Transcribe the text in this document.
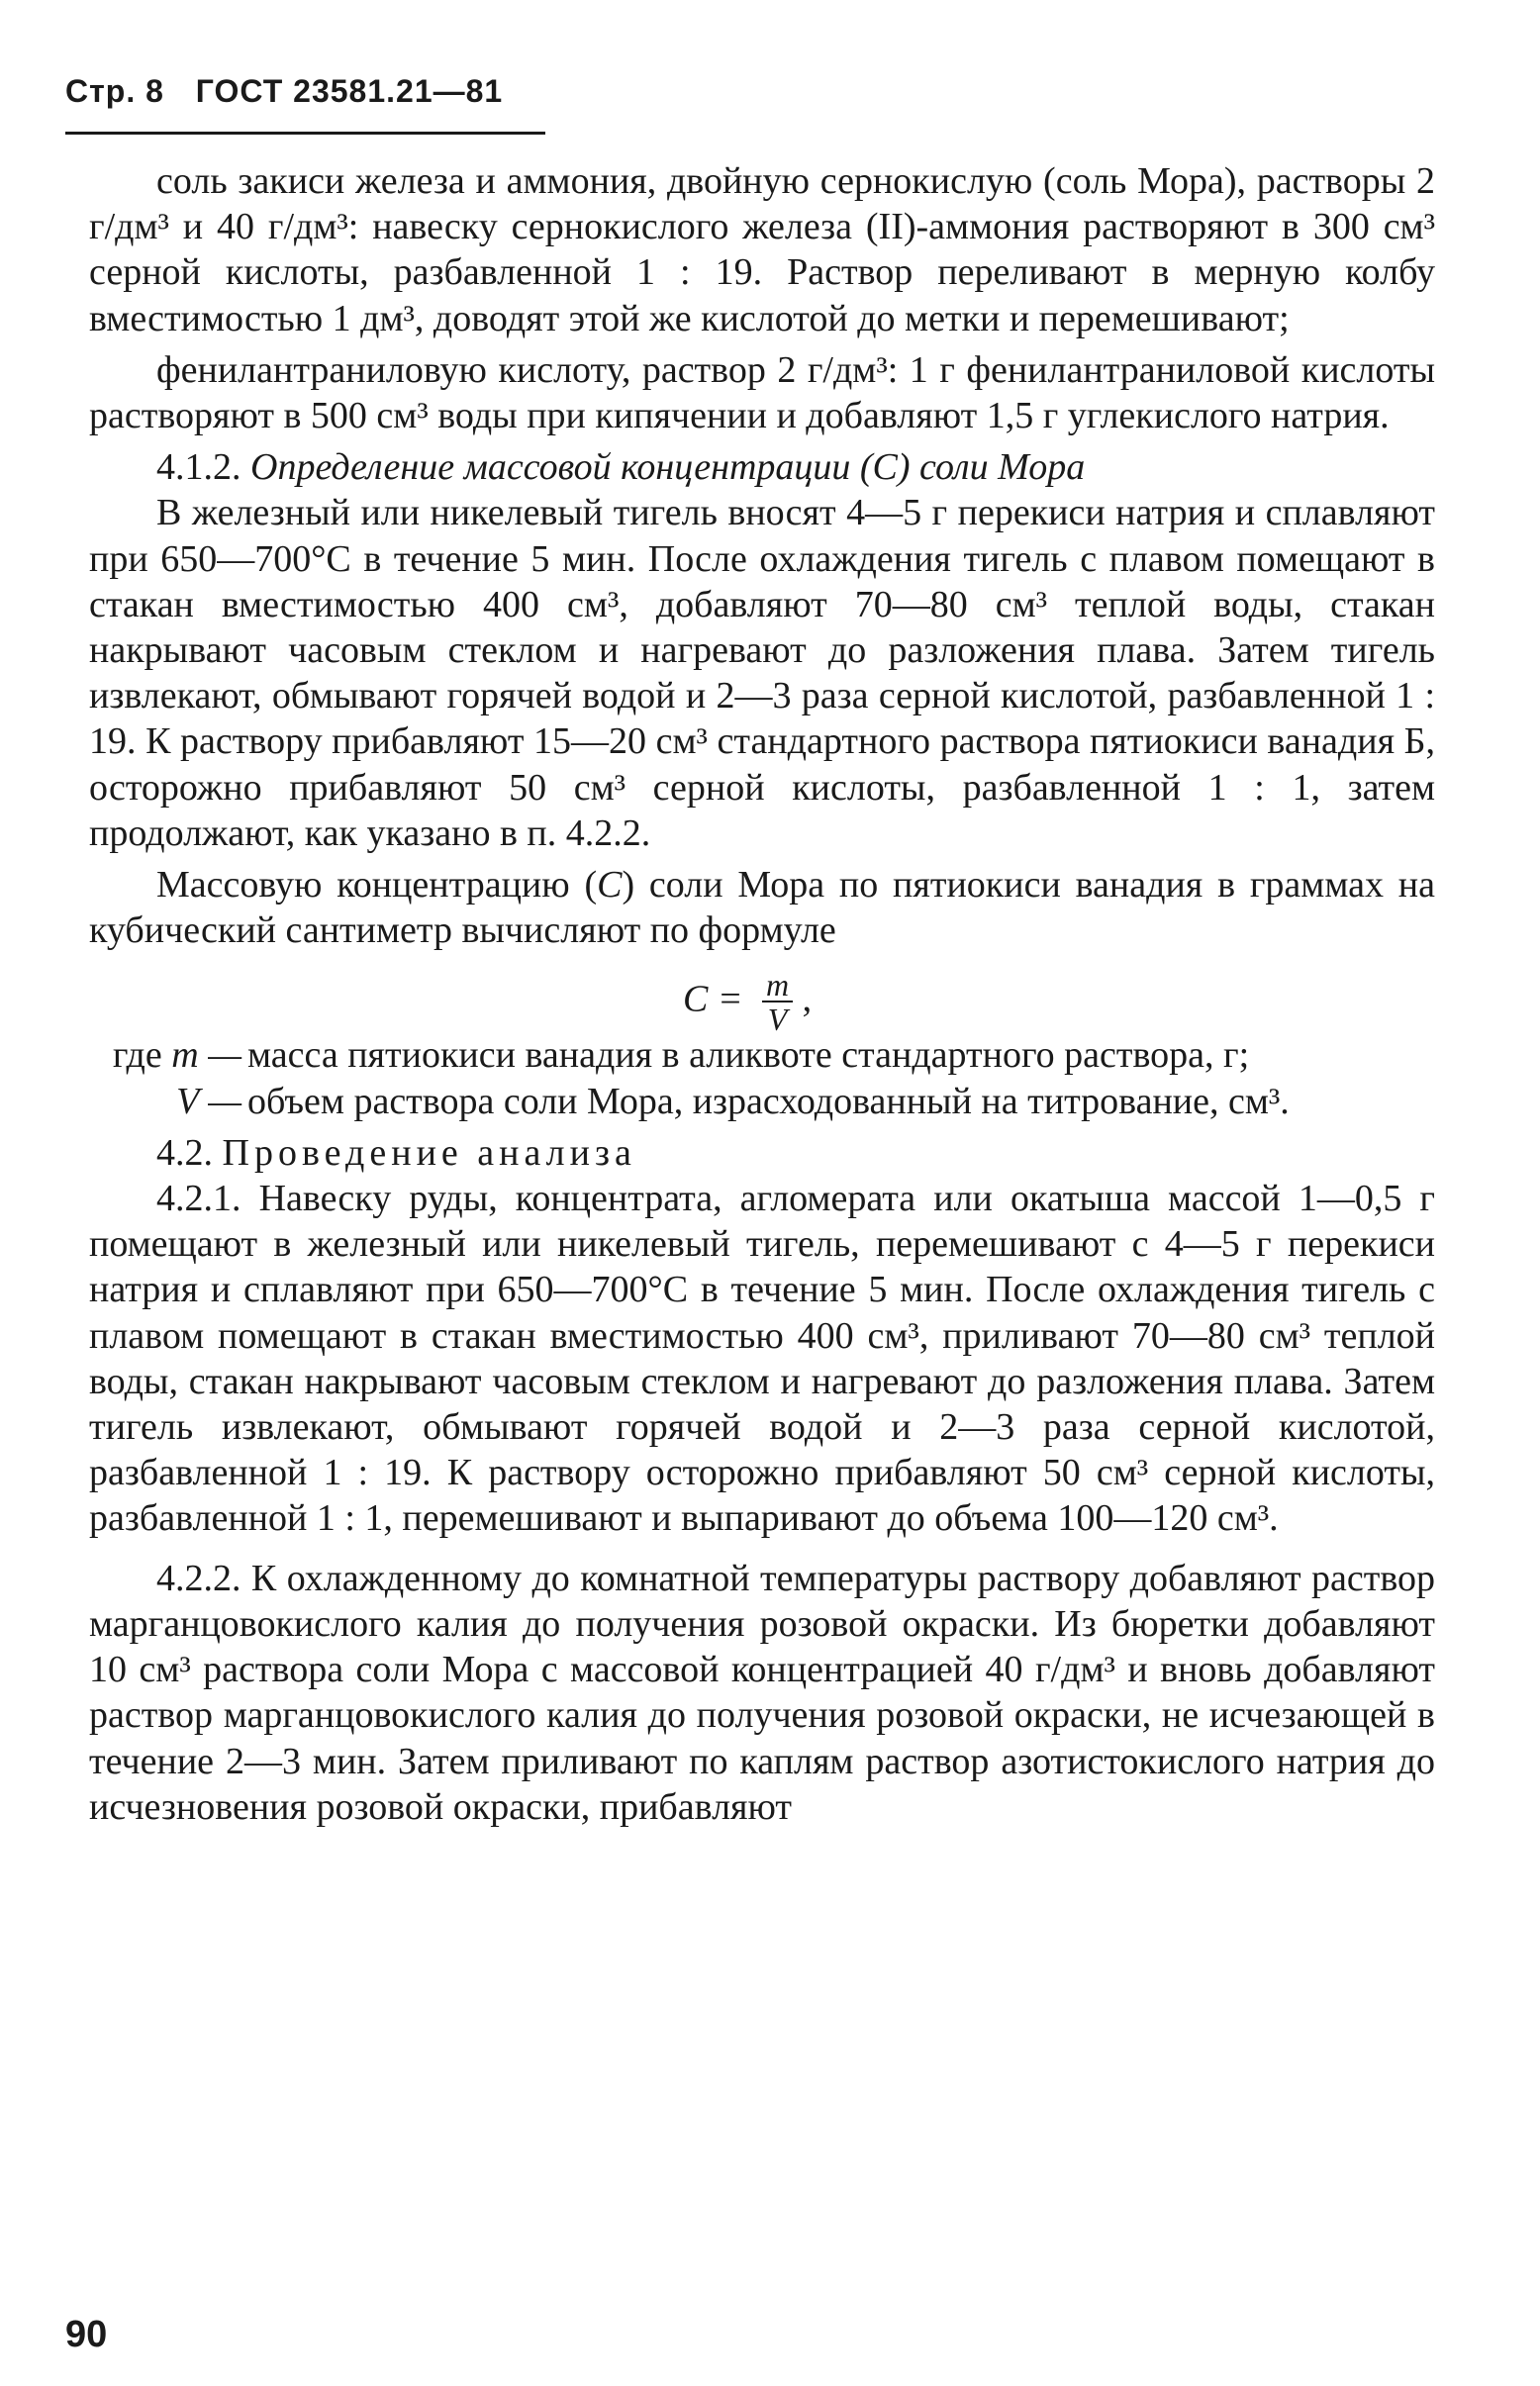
Стр. 8 ГОСТ 23581.21—81

соль закиси железа и аммония, двойную сернокислую (соль Мора), растворы 2 г/дм³ и 40 г/дм³: навеску сернокислого железа (II)-аммония растворяют в 300 см³ серной кислоты, разбавленной 1 : 19. Раствор переливают в мерную колбу вместимостью 1 дм³, доводят этой же кислотой до метки и перемешивают;

фенилантраниловую кислоту, раствор 2 г/дм³: 1 г фенилантраниловой кислоты растворяют в 500 см³ воды при кипячении и добавляют 1,5 г углекислого натрия.

4.1.2. Определение массовой концентрации (С) соли Мора

В железный или никелевый тигель вносят 4—5 г перекиси натрия и сплавляют при 650—700°С в течение 5 мин. После охлаждения тигель с плавом помещают в стакан вместимостью 400 см³, добавляют 70—80 см³ теплой воды, стакан накрывают часовым стеклом и нагревают до разложения плава. Затем тигель извлекают, обмывают горячей водой и 2—3 раза серной кислотой, разбавленной 1 : 19. К раствору прибавляют 15—20 см³ стандартного раствора пятиокиси ванадия Б, осторожно прибавляют 50 см³ серной кислоты, разбавленной 1 : 1, затем продолжают, как указано в п. 4.2.2.

Массовую концентрацию (С) соли Мора по пятиокиси ванадия в граммах на кубический сантиметр вычисляют по формуле

$С = \frac{m}{V}$ ,
где m — масса пятиокиси ванадия в аликвоте стандартного раствора, г;
V — объем раствора соли Мора, израсходованный на титрование, см³.

4.2. Проведение анализа

4.2.1. Навеску руды, концентрата, агломерата или окатыша массой 1—0,5 г помещают в железный или никелевый тигель, перемешивают с 4—5 г перекиси натрия и сплавляют при 650—700°С в течение 5 мин. После охлаждения тигель с плавом помещают в стакан вместимостью 400 см³, приливают 70—80 см³ теплой воды, стакан накрывают часовым стеклом и нагревают до разложения плава. Затем тигель извлекают, обмывают горячей водой и 2—3 раза серной кислотой, разбавленной 1 : 19. К раствору осторожно прибавляют 50 см³ серной кислоты, разбавленной 1 : 1, перемешивают и выпаривают до объема 100—120 см³.

4.2.2. К охлажденному до комнатной температуры раствору добавляют раствор марганцовокислого калия до получения розовой окраски. Из бюретки добавляют 10 см³ раствора соли Мора с массовой концентрацией 40 г/дм³ и вновь добавляют раствор марганцовокислого калия до получения розовой окраски, не исчезающей в течение 2—3 мин. Затем приливают по каплям раствор азотистокислого натрия до исчезновения розовой окраски, прибавляют

90
